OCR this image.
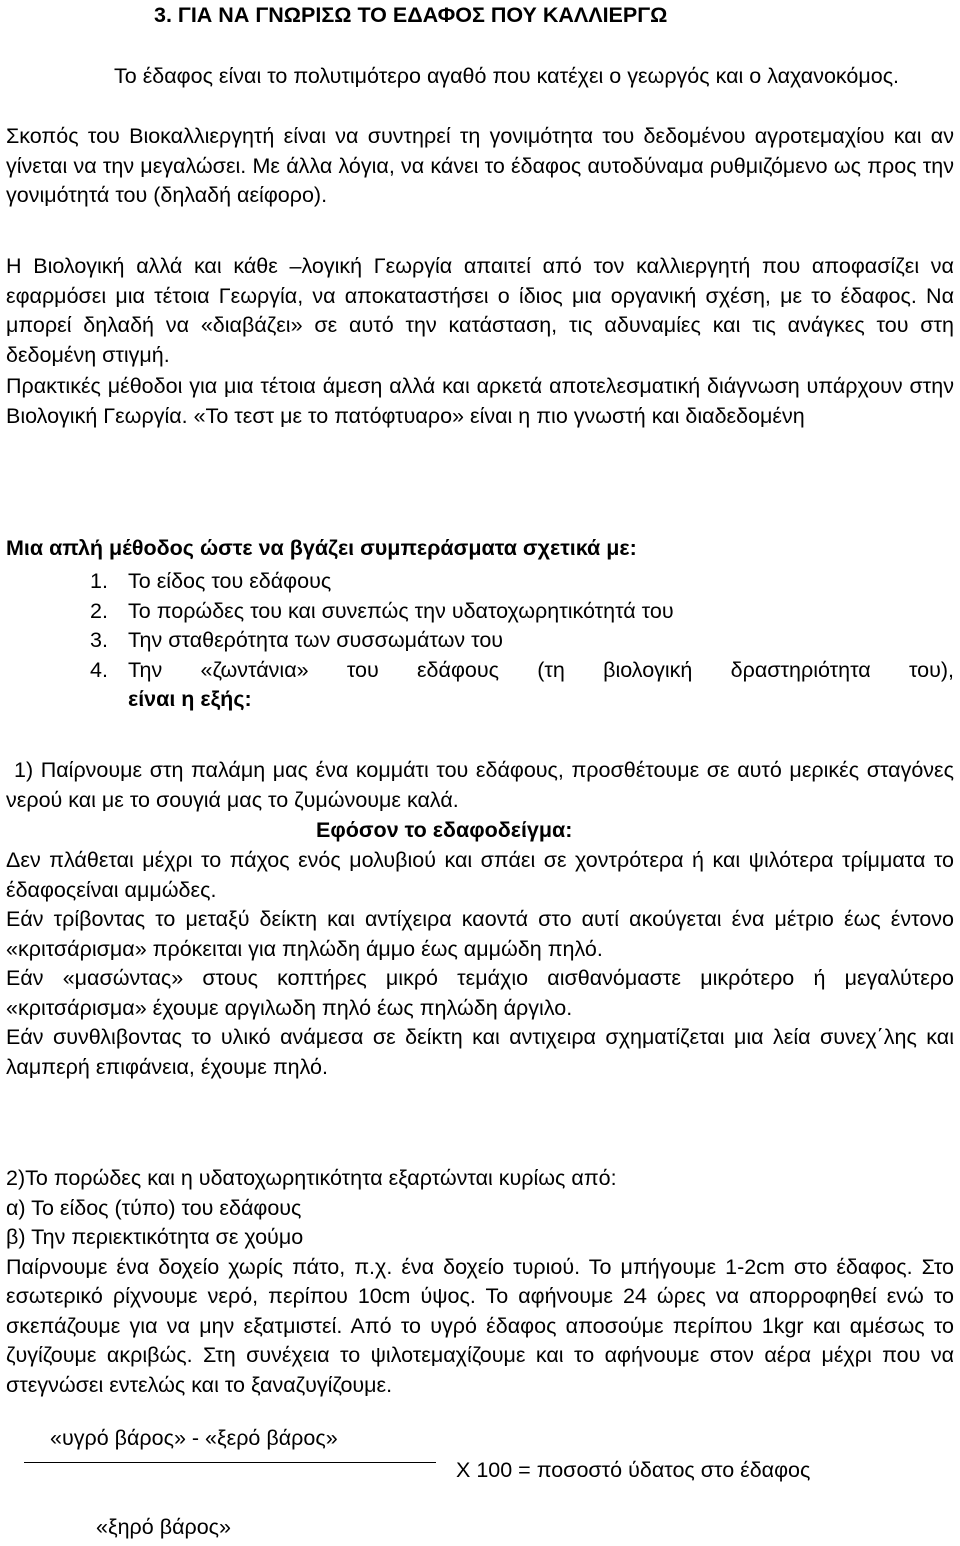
3. ΓΙΑ ΝΑ ΓΝΩΡΙΣΩ ΤΟ ΕΔΑΦΟΣ ΠΟΥ ΚΑΛΛΙΕΡΓΩ
Το έδαφος είναι το πολυτιμότερο αγαθό που κατέχει ο γεωργός και ο λαχανοκόμος.
Σκοπός του Βιοκαλλιεργητή είναι να συντηρεί τη γονιμότητα του δεδομένου αγροτεμαχίου και αν γίνεται να την μεγαλώσει. Με άλλα λόγια, να κάνει το έδαφος αυτοδύναμα ρυθμιζόμενο ως προς την γονιμότητά του (δηλαδή αείφορο).
Η Βιολογική αλλά και κάθε –λογική Γεωργία απαιτεί από τον καλλιεργητή που αποφασίζει να εφαρμόσει μια τέτοια Γεωργία, να αποκαταστήσει ο ίδιος μια οργανική σχέση, με το έδαφος. Να μπορεί δηλαδή να «διαβάζει» σε αυτό την κατάσταση, τις αδυναμίες και τις ανάγκες του στη δεδομένη στιγμή.
Πρακτικές μέθοδοι για μια τέτοια άμεση αλλά και αρκετά αποτελεσματική διάγνωση υπάρχουν στην Βιολογική Γεωργία. «Το τεστ με το πατόφτυαρο» είναι η πιο γνωστή και διαδεδομένη
Μια απλή μέθοδος ώστε να βγάζει συμπεράσματα σχετικά με:
1. Το είδος του εδάφους
2. Το πορώδες του και συνεπώς την υδατοχωρητικότητά του
3. Την σταθερότητα των συσσωμάτων του
4. Την «ζωντάνια» του εδάφους (τη βιολογική δραστηριότητα του),
είναι η εξής:
1) Παίρνουμε στη παλάμη μας ένα κομμάτι του εδάφους, προσθέτουμε σε αυτό μερικές σταγόνες νερού και με το σουγιά μας το ζυμώνουμε καλά.
Εφόσον το εδαφοδείγμα:
Δεν πλάθεται μέχρι το πάχος ενός μολυβιού και σπάει σε χοντρότερα ή και ψιλότερα τρίμματα το έδαφοςείναι αμμώδες.
Εάν τρίβοντας το μεταξύ δείκτη και αντίχειρα καοντά στο αυτί ακούγεται ένα μέτριο έως έντονο «κριτσάρισμα» πρόκειται για πηλώδη άμμο έως αμμώδη πηλό.
Εάν «μασώντας» στους κοπτήρες μικρό τεμάχιο αισθανόμαστε μικρότερο ή μεγαλύτερο «κριτσάρισμα» έχουμε αργιλωδη πηλό έως πηλώδη άργιλο.
Εάν συνθλιβοντας το υλικό ανάμεσα σε δείκτη και αντιχειρα σχηματίζεται μια λεία συνεχ΄λης και λαμπερή επιφάνεια, έχουμε πηλό.
2)Το πορώδες και η υδατοχωρητικότητα εξαρτώνται κυρίως από:
α) Το είδος (τύπο) του εδάφους
β) Την περιεκτικότητα σε χούμο
Παίρνουμε ένα δοχείο χωρίς πάτο, π.χ. ένα δοχείο τυριού. Το μπήγουμε 1-2cm στο έδαφος. Στο εσωτερικό ρίχνουμε νερό, περίπου 10cm ύψος. Το αφήνουμε 24 ώρες να απορροφηθεί ενώ το σκεπάζουμε για να μην εξατμιστεί. Από το υγρό έδαφος αποσούμε περίπου 1kgr και αμέσως το ζυγίζουμε ακριβώς. Στη συνέχεια το ψιλοτεμαχίζουμε και το αφήνουμε στον αέρα μέχρι που να στεγνώσει εντελώς και το ξαναζυγίζουμε.
«υγρό βάρος» - «ξερό βάρος»
Χ 100 = ποσοστό ύδατος στο έδαφος
«ξηρό βάρος»
